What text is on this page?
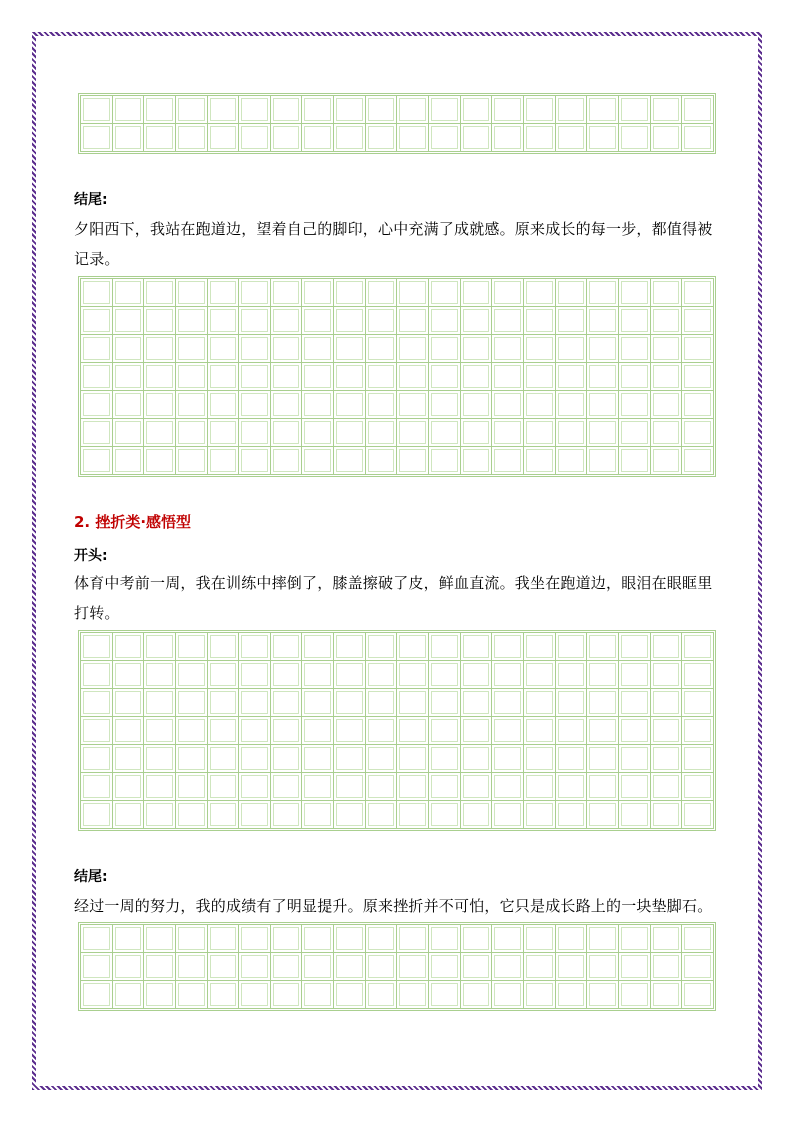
结尾:
夕阳西下，我站在跑道边，望着自己的脚印，心中充满了成就感。原来成长的每一步，都值得被记录。
2. 挫折类·感悟型
开头:
体育中考前一周，我在训练中摔倒了，膝盖擦破了皮，鲜血直流。我坐在跑道边，眼泪在眼眶里打转。
结尾:
经过一周的努力，我的成绩有了明显提升。原来挫折并不可怕，它只是成长路上的一块垫脚石。
